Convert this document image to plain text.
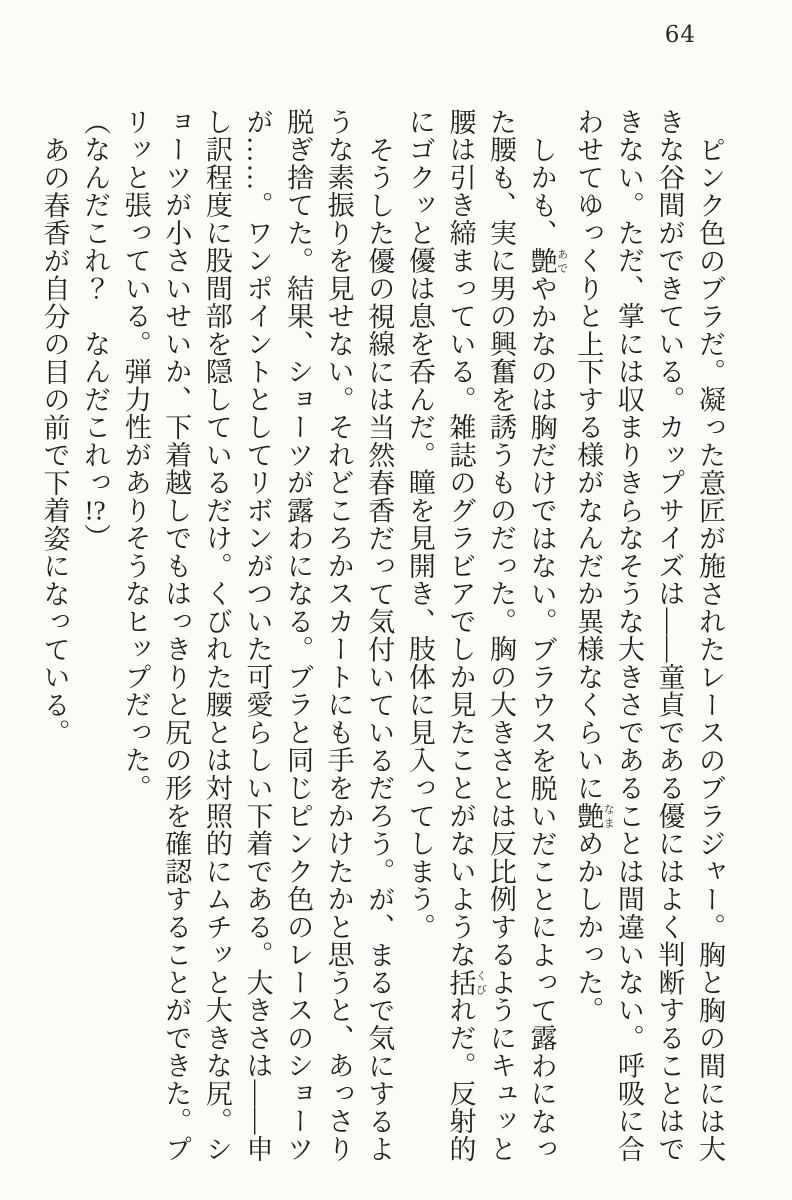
64

ピンク色のブラだ。凝った意匠が施されたレースのブラジャー。胸と胸の間には大きな谷間ができている。カップサイズは――童貞である優にはよく判断することはできない。ただ、掌には収まりきらなそうな大きさであることは間違いない。呼吸に合わせてゆっくりと上下する様がなんだか異様なくらいに艶 なまめかしかった。

しかも、艶 あでやかなのは胸だけではない。ブラウスを脱いだことによって露わになった腰も、実に男の興奮を誘うものだった。胸の大きさとは反比例するようにキュッと腰は引き締まっている。雑誌のグラビアでしか見たことがないような括 くびれだ。反射的にゴクッと優は息を呑んだ。瞳を見開き、肢体に見入ってしまう。

そうした優の視線には当然春香だって気付いているだろう。が、まるで気にするような素振りを見せない。それどころかスカートにも手をかけたかと思うと、あっさり脱ぎ捨てた。結果、ショーツが露わになる。ブラと同じピンク色のレースのショーツが……。ワンポイントとしてリボンがついた可愛らしい下着である。大きさは――申し訳程度に股間部を隠しているだけ。くびれた腰とは対照的にムチッと大きな尻。ショーツが小さいせいか、下着越しでもはっきりと尻の形を確認することができた。プリッと張っている。弾力性がありそうなヒップだった。

（なんだこれ？　なんだこれっ!?）

あの春香が自分の目の前で下着姿になっている。
